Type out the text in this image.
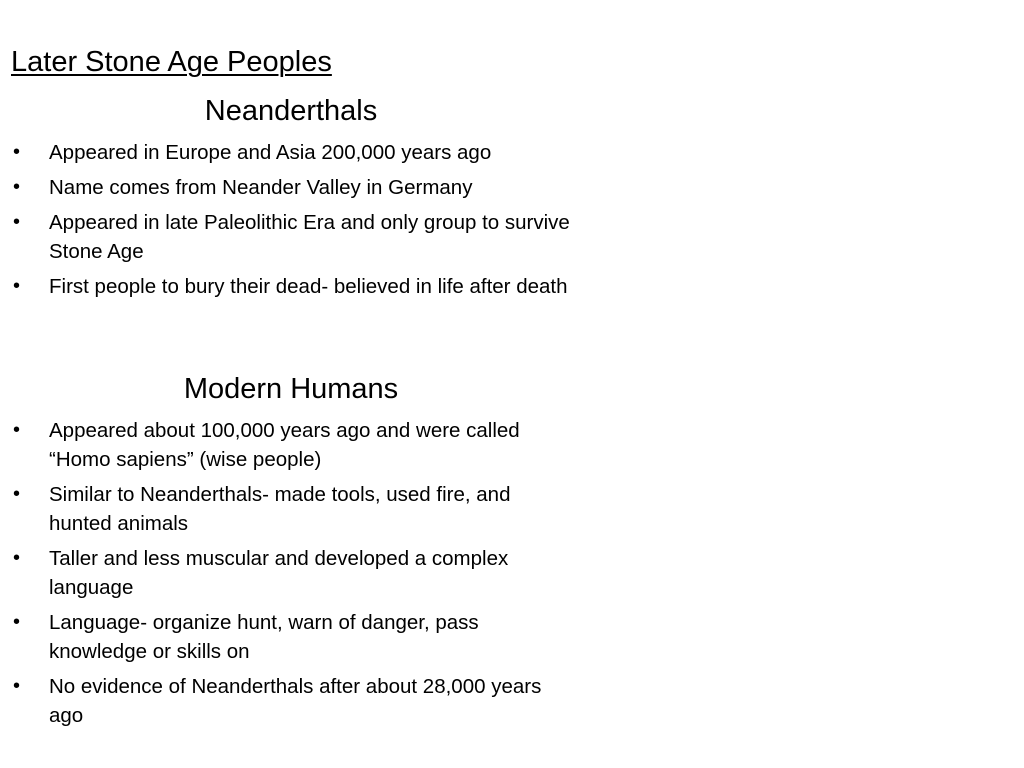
Later Stone Age Peoples
Neanderthals
• Appeared in Europe and Asia 200,000 years ago
• Name comes from Neander Valley in Germany
• Appeared in late Paleolithic Era and only group to survive Stone Age
• First people to bury their dead- believed in life after death
Modern Humans
• Appeared about 100,000 years ago and were called “Homo sapiens” (wise people)
• Similar to Neanderthals- made tools, used fire, and hunted animals
• Taller and less muscular and developed a complex language
• Language- organize hunt, warn of danger, pass knowledge or skills on
• No evidence of Neanderthals after about 28,000 years ago
